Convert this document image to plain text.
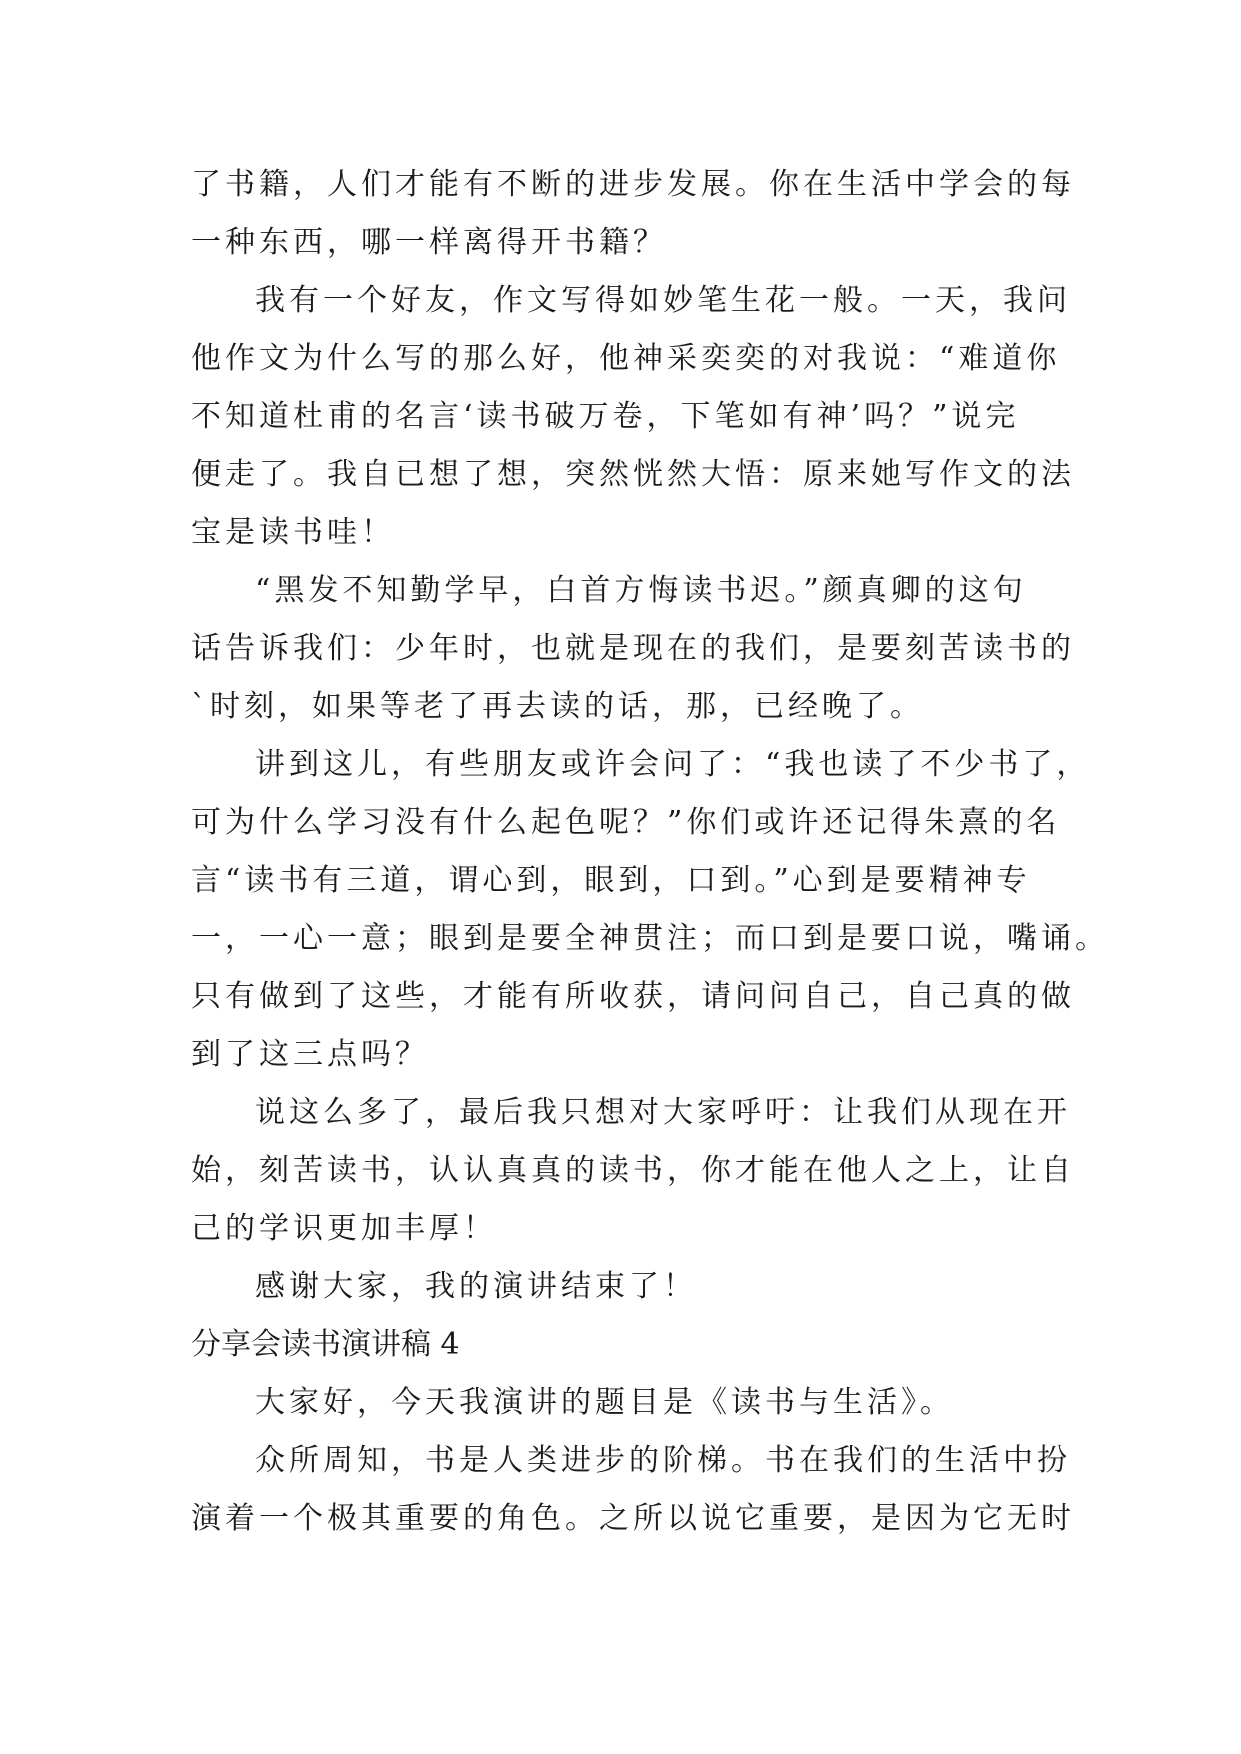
了书籍，人们才能有不断的进步发展。你在生活中学会的每
一种东西，哪一样离得开书籍？
我有一个好友，作文写得如妙笔生花一般。一天，我问
他作文为什么写的那么好，他神采奕奕的对我说：“难道你
不知道杜甫的名言‘读书破万卷，下笔如有神’吗？”说完
便走了。我自已想了想，突然恍然大悟：原来她写作文的法
宝是读书哇！
“黑发不知勤学早，白首方悔读书迟。”颜真卿的这句
话告诉我们：少年时，也就是现在的我们，是要刻苦读书的
`时刻，如果等老了再去读的话，那，已经晚了。
讲到这儿，有些朋友或许会问了：“我也读了不少书了，
可为什么学习没有什么起色呢？”你们或许还记得朱熹的名
言“读书有三道，谓心到，眼到，口到。”心到是要精神专
一，一心一意；眼到是要全神贯注；而口到是要口说，嘴诵。
只有做到了这些，才能有所收获，请问问自己，自己真的做
到了这三点吗？
说这么多了，最后我只想对大家呼吁：让我们从现在开
始，刻苦读书，认认真真的读书，你才能在他人之上，让自
己的学识更加丰厚！
感谢大家，我的演讲结束了！
分享会读书演讲稿 4
大家好，今天我演讲的题目是《读书与生活》。
众所周知，书是人类进步的阶梯。书在我们的生活中扮
演着一个极其重要的角色。之所以说它重要，是因为它无时
